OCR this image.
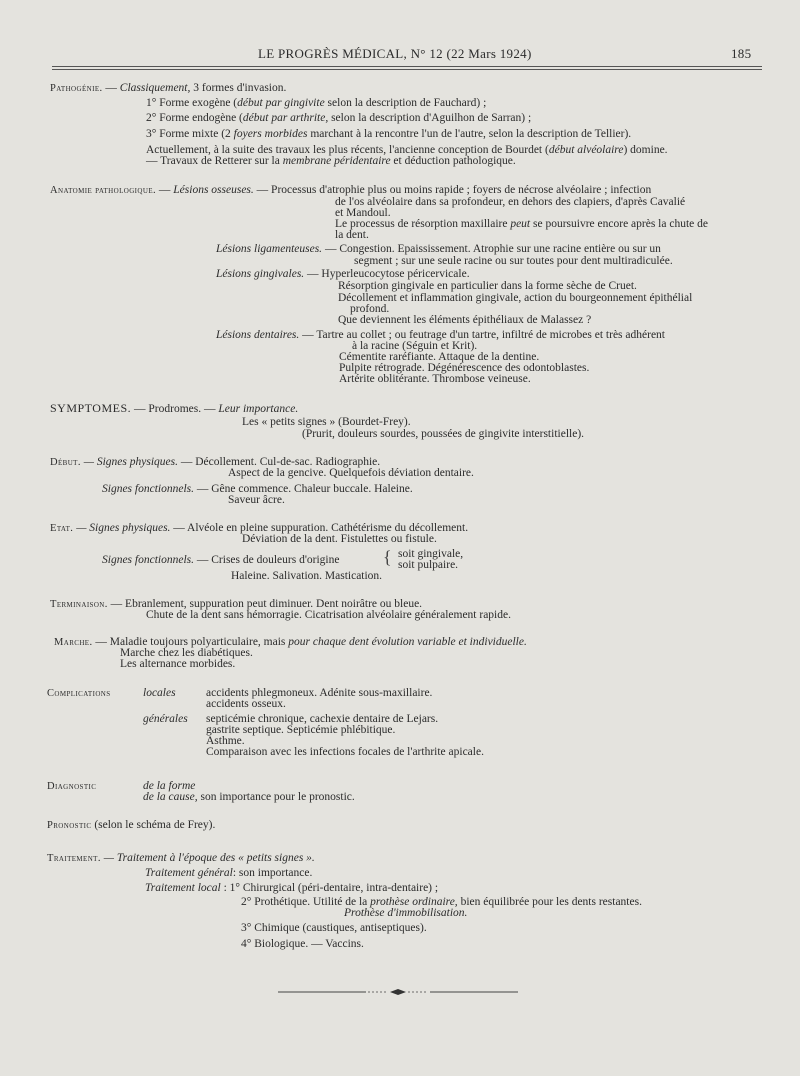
LE PROGRÈS MÉDICAL, N° 12 (22 Mars 1924)	185
Pathogénie. — Classiquement, 3 formes d'invasion.
1° Forme exogène (début par gingivite selon la description de Fauchard) ;
2° Forme endogène (début par arthrite, selon la description d'Aguilhon de Sarran) ;
3° Forme mixte (2 foyers morbides marchant à la rencontre l'un de l'autre, selon la description de Tellier).
Actuellement, à la suite des travaux les plus récents, l'ancienne conception de Bourdet (début alvéolaire) domine.
— Travaux de Retterer sur la membrane péridentaire et déduction pathologique.
Anatomie pathologique. — Lésions osseuses. — Processus d'atrophie plus ou moins rapide ; foyers de nécrose alvéolaire ; infection
de l'os alvéolaire dans sa profondeur, en dehors des clapiers, d'après Cavalié
et Mandoul.
Le processus de résorption maxillaire peut se poursuivre encore après la chute de
la dent.
Lésions ligamenteuses. — Congestion. Epaississement. Atrophie sur une racine entière ou sur un
segment ; sur une seule racine ou sur toutes pour dent multiradiculée.
Lésions gingivales. — Hyperleucocytose péricervicale.
Résorption gingivale en particulier dans la forme sèche de Cruet.
Décollement et inflammation gingivale, action du bourgeonnement épithélial
profond.
Que deviennent les éléments épithéliaux de Malassez ?
Lésions dentaires. — Tartre au collet ; ou feutrage d'un tartre, infiltré de microbes et très adhérent
à la racine (Séguin et Krit).
Cémentite raréfiante. Attaque de la dentine.
Pulpite rétrograde. Dégénérescence des odontoblastes.
Artérite oblitérante. Thrombose veineuse.
SYMPTOMES. — Prodromes. — Leur importance.
Les « petits signes » (Bourdet-Frey).
(Prurit, douleurs sourdes, poussées de gingivite interstitielle).
Début. — Signes physiques. — Décollement. Cul-de-sac. Radiographie.
Aspect de la gencive. Quelquefois déviation dentaire.
Signes fonctionnels. — Gêne commence. Chaleur buccale. Haleine.
Saveur âcre.
Etat. — Signes physiques. — Alvéole en pleine suppuration. Cathétérisme du décollement.
Déviation de la dent. Fistulettes ou fistule.
Signes fonctionnels. — Crises de douleurs d'origine { soit gingivale,
soit pulpaire.
Haleine. Salivation. Mastication.
Terminaison. — Ebranlement, suppuration peut diminuer. Dent noirâtre ou bleue.
Chute de la dent sans hémorragie. Cicatrisation alvéolaire généralement rapide.
Marche. — Maladie toujours polyarticulaire, mais pour chaque dent évolution variable et individuelle.
Marche chez les diabétiques.
Les alternance morbides.
Complications	locales	accidents phlegmoneux. Adénite sous-maxillaire.
accidents osseux.
générales septicémie chronique, cachexie dentaire de Lejars.
gastrite septique. Septicémie phlébitique.
Asthme.
Comparaison avec les infections focales de l'arthrite apicale.
Diagnostic	de la forme
de la cause, son importance pour le pronostic.
Pronostic (selon le schéma de Frey).
Traitement. — Traitement à l'époque des « petits signes ».
Traitement général: son importance.
Traitement local : 1° Chirurgical (péri-dentaire, intra-dentaire) ;
2° Prothétique. Utilité de la prothèse ordinaire, bien équilibrée pour les dents restantes.
Prothèse d'immobilisation.
3° Chimique (caustiques, antiseptiques).
4° Biologique. — Vaccins.
